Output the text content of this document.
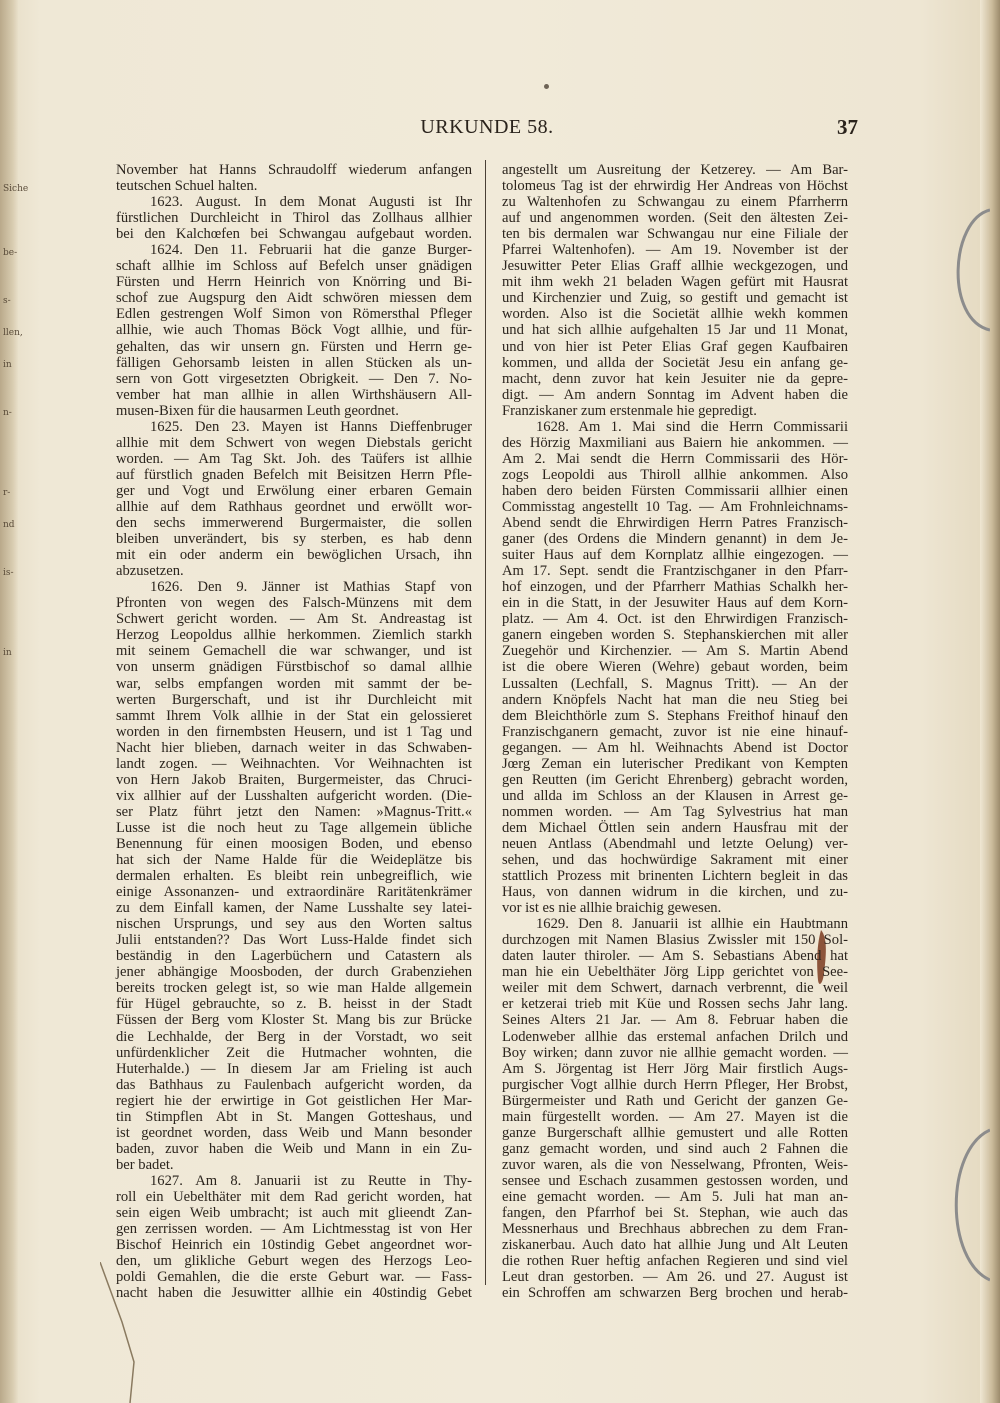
Siche
be-
s-
llen,
in
n-
r-
nd
is-
in
URKUNDE 58.	37
November hat Hanns Schraudolff wiederum anfangen
teutschen Schuel halten.
1623. August. In dem Monat Augusti ist Ihr
fürstlichen Durchleicht in Thirol das Zollhaus allhier
bei den Kalchœfen bei Schwangau aufgebaut worden.
1624. Den 11. Februarii hat die ganze Burger-
schaft allhie im Schloss auf Befelch unser gnädigen
Fürsten und Herrn Heinrich von Knörring und Bi-
schof zue Augspurg den Aidt schwören miessen dem
Edlen gestrengen Wolf Simon von Römersthal Pfleger
allhie, wie auch Thomas Böck Vogt allhie, und für-
gehalten, das wir unsern gn. Fürsten und Herrn ge-
fälligen Gehorsamb leisten in allen Stücken als un-
sern von Gott virgesetzten Obrigkeit. — Den 7. No-
vember hat man allhie in allen Wirthshäusern All-
musen-Bixen für die hausarmen Leuth geordnet.
1625. Den 23. Mayen ist Hanns Dieffenbruger
allhie mit dem Schwert von wegen Diebstals gericht
worden. — Am Tag Skt. Joh. des Taüfers ist allhie
auf fürstlich gnaden Befelch mit Beisitzen Herrn Pfle-
ger und Vogt und Erwölung einer erbaren Gemain
allhie auf dem Rathhaus geordnet und erwöllt wor-
den sechs immerwerend Burgermaister, die sollen
bleiben unverändert, bis sy sterben, es hab denn
mit ein oder anderm ein bewöglichen Ursach, ihn
abzusetzen.
1626. Den 9. Jänner ist Mathias Stapf von
Pfronten von wegen des Falsch-Münzens mit dem
Schwert gericht worden. — Am St. Andreastag ist
Herzog Leopoldus allhie herkommen. Ziemlich starkh
mit seinem Gemachell die war schwanger, und ist
von unserm gnädigen Fürstbischof so damal allhie
war, selbs empfangen worden mit sammt der be-
werten Burgerschaft, und ist ihr Durchleicht mit
sammt Ihrem Volk allhie in der Stat ein gelossieret
worden in den firnembsten Heusern, und ist 1 Tag und
Nacht hier blieben, darnach weiter in das Schwaben-
landt zogen. — Weihnachten. Vor Weihnachten ist
von Hern Jakob Braiten, Burgermeister, das Chruci-
vix allhier auf der Lusshalten aufgericht worden. (Die-
ser Platz führt jetzt den Namen: »Magnus-Tritt.«
Lusse ist die noch heut zu Tage allgemein übliche
Benennung für einen moosigen Boden, und ebenso
hat sich der Name Halde für die Weideplätze bis
dermalen erhalten. Es bleibt rein unbegreiflich, wie
einige Assonanzen- und extraordinäre Raritätenkrämer
zu dem Einfall kamen, der Name Lusshalte sey latei-
nischen Ursprungs, und sey aus den Worten saltus
Julii entstanden?? Das Wort Luss-Halde findet sich
beständig in den Lagerbüchern und Catastern als
jener abhängige Moosboden, der durch Grabenziehen
bereits trocken gelegt ist, so wie man Halde allgemein
für Hügel gebrauchte, so z. B. heisst in der Stadt
Füssen der Berg vom Kloster St. Mang bis zur Brücke
die Lechhalde, der Berg in der Vorstadt, wo seit
unfürdenklicher Zeit die Hutmacher wohnten, die
Huterhalde.) — In diesem Jar am Frieling ist auch
das Bathhaus zu Faulenbach aufgericht worden, da
regiert hie der erwirtige in Got geistlichen Her Mar-
tin Stimpflen Abt in St. Mangen Gotteshaus, und
ist geordnet worden, dass Weib und Mann besonder
baden, zuvor haben die Weib und Mann in ein Zu-
ber badet.
1627. Am 8. Januarii ist zu Reutte in Thy-
roll ein Uebelthäter mit dem Rad gericht worden, hat
sein eigen Weib umbracht; ist auch mit glieendt Zan-
gen zerrissen worden. — Am Lichtmesstag ist von Her
Bischof Heinrich ein 10stindig Gebet angeordnet wor-
den, um glikliche Geburt wegen des Herzogs Leo-
poldi Gemahlen, die die erste Geburt war. — Fass-
nacht haben die Jesuwitter allhie ein 40stindig Gebet
angestellt um Ausreitung der Ketzerey. — Am Bar-
tolomeus Tag ist der ehrwirdig Her Andreas von Höchst
zu Waltenhofen zu Schwangau zu einem Pfarrherrn
auf und angenommen worden. (Seit den ältesten Zei-
ten bis dermalen war Schwangau nur eine Filiale der
Pfarrei Waltenhofen). — Am 19. November ist der
Jesuwitter Peter Elias Graff allhie weckgezogen, und
mit ihm wekh 21 beladen Wagen gefürt mit Hausrat
und Kirchenzier und Zuig, so gestift und gemacht ist
worden. Also ist die Societät allhie wekh kommen
und hat sich allhie aufgehalten 15 Jar und 11 Monat,
und von hier ist Peter Elias Graf gegen Kaufbairen
kommen, und allda der Societät Jesu ein anfang ge-
macht, denn zuvor hat kein Jesuiter nie da gepre-
digt. — Am andern Sonntag im Advent haben die
Franziskaner zum erstenmale hie gepredigt.
1628. Am 1. Mai sind die Herrn Commissarii
des Hörzig Maxmiliani aus Baiern hie ankommen. —
Am 2. Mai sendt die Herrn Commissarii des Hör-
zogs Leopoldi aus Thiroll allhie ankommen. Also
haben dero beiden Fürsten Commissarii allhier einen
Commisstag angestellt 10 Tag. — Am Frohnleichnams-
Abend sendt die Ehrwirdigen Herrn Patres Franzisch-
ganer (des Ordens die Mindern genannt) in dem Je-
suiter Haus auf dem Kornplatz allhie eingezogen. —
Am 17. Sept. sendt die Frantzischganer in den Pfarr-
hof einzogen, und der Pfarrherr Mathias Schalkh her-
ein in die Statt, in der Jesuwiter Haus auf dem Korn-
platz. — Am 4. Oct. ist den Ehrwirdigen Franzisch-
ganern eingeben worden S. Stephanskierchen mit aller
Zuegehör und Kirchenzier. — Am S. Martin Abend
ist die obere Wieren (Wehre) gebaut worden, beim
Lussalten (Lechfall, S. Magnus Tritt). — An der
andern Knöpfels Nacht hat man die neu Stieg bei
dem Bleichthörle zum S. Stephans Freithof hinauf den
Franzischganern gemacht, zuvor ist nie eine hinauf-
gegangen. — Am hl. Weihnachts Abend ist Doctor
Jœrg Zeman ein luterischer Predikant von Kempten
gen Reutten (im Gericht Ehrenberg) gebracht worden,
und allda im Schloss an der Klausen in Arrest ge-
nommen worden. — Am Tag Sylvestrius hat man
dem Michael Öttlen sein andern Hausfrau mit der
neuen Antlass (Abendmahl und letzte Oelung) ver-
sehen, und das hochwürdige Sakrament mit einer
stattlich Prozess mit brinenten Lichtern begleit in das
Haus, von dannen widrum in die kirchen, und zu-
vor ist es nie allhie braichig gewesen.
1629. Den 8. Januarii ist allhie ein Haubtmann
durchzogen mit Namen Blasius Zwissler mit 150 Sol-
daten lauter thiroler. — Am S. Sebastians Abend hat
man hie ein Uebelthäter Jörg Lipp gerichtet von See-
weiler mit dem Schwert, darnach verbrennt, die weil
er ketzerai trieb mit Küe und Rossen sechs Jahr lang.
Seines Alters 21 Jar. — Am 8. Februar haben die
Lodenweber allhie das erstemal anfachen Drilch und
Boy wirken; dann zuvor nie allhie gemacht worden. —
Am S. Jörgentag ist Herr Jörg Mair firstlich Augs-
purgischer Vogt allhie durch Herrn Pfleger, Her Brobst,
Bürgermeister und Rath und Gericht der ganzen Ge-
main fürgestellt worden. — Am 27. Mayen ist die
ganze Burgerschaft allhie gemustert und alle Rotten
ganz gemacht worden, und sind auch 2 Fahnen die
zuvor waren, als die von Nesselwang, Pfronten, Weis-
sensee und Eschach zusammen gestossen worden, und
eine gemacht worden. — Am 5. Juli hat man an-
fangen, den Pfarrhof bei St. Stephan, wie auch das
Messnerhaus und Brechhaus abbrechen zu dem Fran-
ziskanerbau. Auch dato hat allhie Jung und Alt Leuten
die rothen Ruer heftig anfachen Regieren und sind viel
Leut dran gestorben. — Am 26. und 27. August ist
ein Schroffen am schwarzen Berg brochen und herab-
